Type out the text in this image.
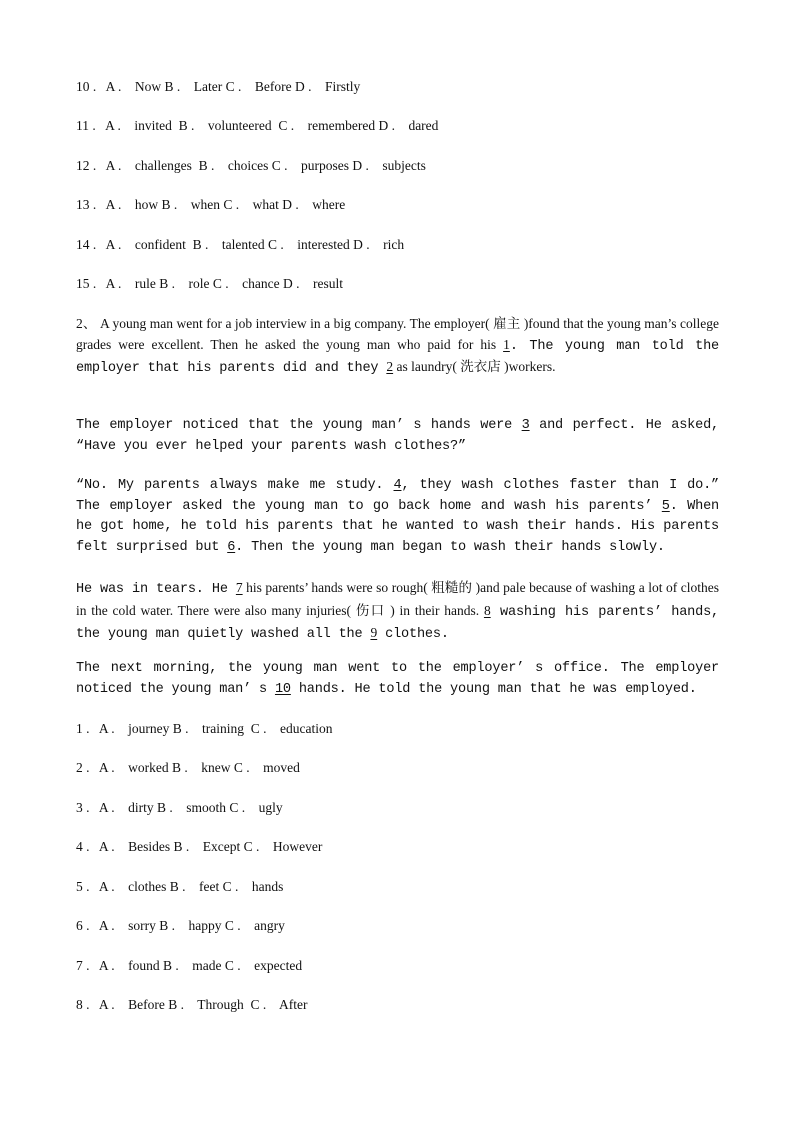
10 .   A .    Now B .    Later C .    Before D .    Firstly
11 .   A .    invited  B .    volunteered  C .    remembered D .    dared
12 .   A .    challenges  B .    choices C .    purposes D .    subjects
13 .   A .    how B .    when C .    what D .    where
14 .   A .    confident  B .    talented C .    interested D .    rich
15 .   A .    rule B .    role C .    chance D .    result
2、 A young man went for a job interview in a big company. The employer( 雇主 )found that the young man’s college grades were excellent. Then he asked the young man who paid for his 1. The young man told the employer that his parents did and they 2 as laundry( 洗衣店 )workers.
The employer noticed that the young man’ s hands were 3 and perfect. He asked, “Have you ever helped your parents wash clothes?”
“No. My parents always make me study. 4, they wash clothes faster than I do.” The employer asked the young man to go back home and wash his parents’ 5. When he got home, he told his parents that he wanted to wash their hands. His parents felt surprised but 6. Then the young man began to wash their hands slowly.
He was in tears. He 7 his parents’ hands were so rough( 粗糙的 )and pale because of washing a lot of clothes in the cold water. There were also many injuries( 伤口 ) in their hands. 8 washing his parents’ hands, the young man quietly washed all the 9 clothes.
The next morning, the young man went to the employer’ s office. The employer noticed the young man’ s 10 hands. He told the young man that he was employed.
1 .   A .    journey B .    training  C .    education
2 .   A .    worked B .    knew C .    moved
3 .   A .    dirty B .    smooth C .    ugly
4 .   A .    Besides B .    Except C .    However
5 .   A .    clothes B .    feet C .    hands
6 .   A .    sorry B .    happy C .    angry
7 .   A .    found B .    made C .    expected
8 .   A .    Before B .    Through  C .    After
